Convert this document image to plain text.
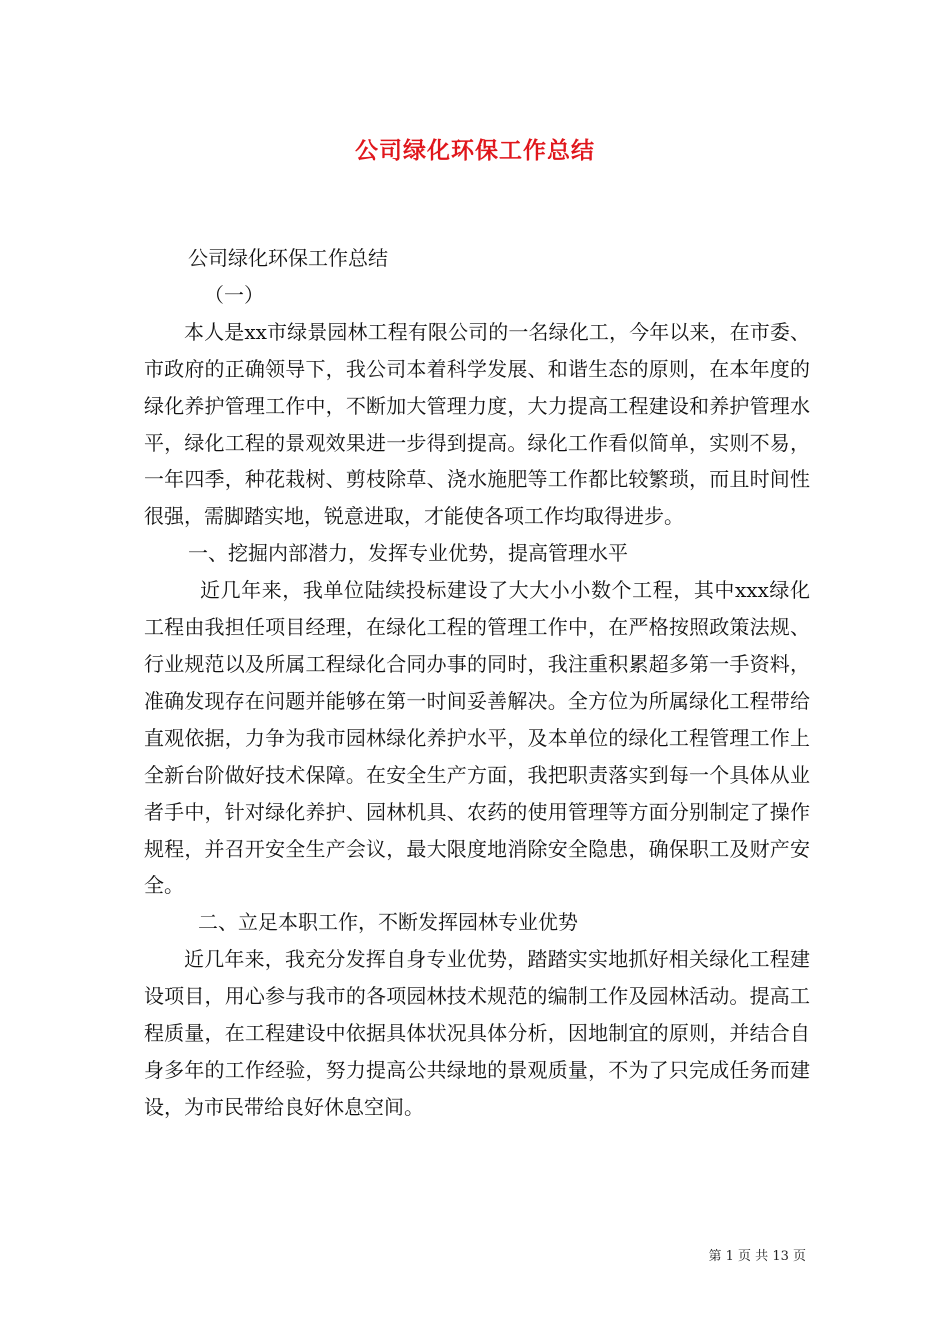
公司绿化环保工作总结

公司绿化环保工作总结

（一）

本人是xx市绿景园林工程有限公司的一名绿化工，今年以来，在市委、市政府的正确领导下，我公司本着科学发展、和谐生态的原则，在本年度的绿化养护管理工作中，不断加大管理力度，大力提高工程建设和养护管理水平，绿化工程的景观效果进一步得到提高。绿化工作看似简单，实则不易，一年四季，种花栽树、剪枝除草、浇水施肥等工作都比较繁琐，而且时间性很强，需脚踏实地，锐意进取，才能使各项工作均取得进步。

一、挖掘内部潜力，发挥专业优势，提高管理水平

近几年来，我单位陆续投标建设了大大小小数个工程，其中xxx绿化工程由我担任项目经理，在绿化工程的管理工作中，在严格按照政策法规、行业规范以及所属工程绿化合同办事的同时，我注重积累超多第一手资料，准确发现存在问题并能够在第一时间妥善解决。全方位为所属绿化工程带给直观依据，力争为我市园林绿化养护水平，及本单位的绿化工程管理工作上全新台阶做好技术保障。在安全生产方面，我把职责落实到每一个具体从业者手中，针对绿化养护、园林机具、农药的使用管理等方面分别制定了操作规程，并召开安全生产会议，最大限度地消除安全隐患，确保职工及财产安全。

二、立足本职工作，不断发挥园林专业优势

近几年来，我充分发挥自身专业优势，踏踏实实地抓好相关绿化工程建设项目，用心参与我市的各项园林技术规范的编制工作及园林活动。提高工程质量，在工程建设中依据具体状况具体分析，因地制宜的原则，并结合自身多年的工作经验，努力提高公共绿地的景观质量，不为了只完成任务而建设，为市民带给良好休息空间。

第 1 页 共 13 页
